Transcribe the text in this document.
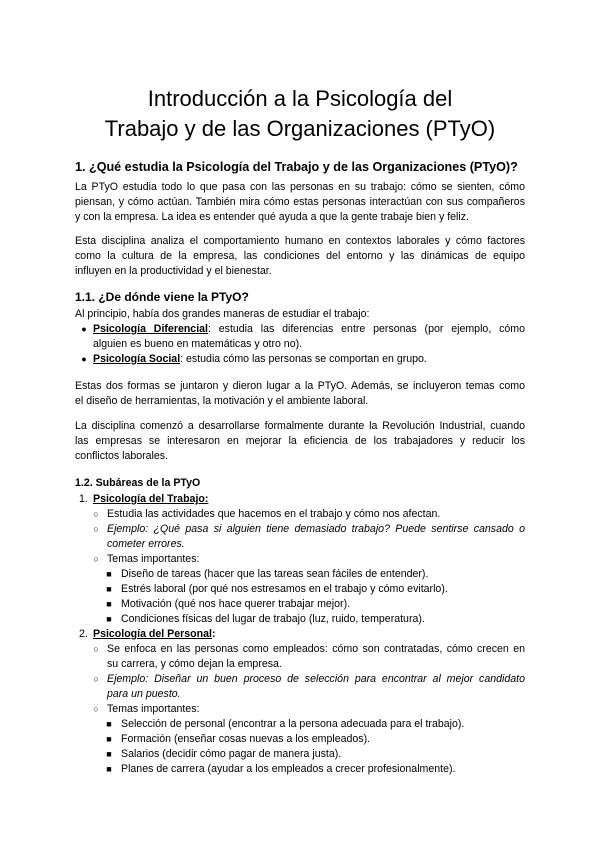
Introducción a la Psicología del
Trabajo y de las Organizaciones (PTyO)
1. ¿Qué estudia la Psicología del Trabajo y de las Organizaciones (PTyO)?
La PTyO estudia todo lo que pasa con las personas en su trabajo: cómo se sienten, cómo
piensan, y cómo actúan. También mira cómo estas personas interactúan con sus compañeros
y con la empresa. La idea es entender qué ayuda a que la gente trabaje bien y feliz.
Esta disciplina analiza el comportamiento humano en contextos laborales y cómo factores
como la cultura de la empresa, las condiciones del entorno y las dinámicas de equipo
influyen en la productividad y el bienestar.
1.1. ¿De dónde viene la PTyO?
Al principio, había dos grandes maneras de estudiar el trabajo:
● Psicología Diferencial: estudia las diferencias entre personas (por ejemplo, cómo
alguien es bueno en matemáticas y otro no).
● Psicología Social: estudia cómo las personas se comportan en grupo.
Estas dos formas se juntaron y dieron lugar a la PTyO. Además, se incluyeron temas como
el diseño de herramientas, la motivación y el ambiente laboral.
La disciplina comenzó a desarrollarse formalmente durante la Revolución Industrial, cuando
las empresas se interesaron en mejorar la eficiencia de los trabajadores y reducir los
conflictos laborales.
1.2. Subáreas de la PTyO
1. Psicología del Trabajo:
○ Estudia las actividades que hacemos en el trabajo y cómo nos afectan.
○ Ejemplo: ¿Qué pasa si alguien tiene demasiado trabajo? Puede sentirse cansado o
cometer errores.
○ Temas importantes:
■ Diseño de tareas (hacer que las tareas sean fáciles de entender).
■ Estrés laboral (por qué nos estresamos en el trabajo y cómo evitarlo).
■ Motivación (qué nos hace querer trabajar mejor).
■ Condiciones físicas del lugar de trabajo (luz, ruido, temperatura).
2. Psicología del Personal:
○ Se enfoca en las personas como empleados: cómo son contratadas, cómo crecen en
su carrera, y cómo dejan la empresa.
○ Ejemplo: Diseñar un buen proceso de selección para encontrar al mejor candidato
para un puesto.
○ Temas importantes:
■ Selección de personal (encontrar a la persona adecuada para el trabajo).
■ Formación (enseñar cosas nuevas a los empleados).
■ Salarios (decidir cómo pagar de manera justa).
■ Planes de carrera (ayudar a los empleados a crecer profesionalmente).
